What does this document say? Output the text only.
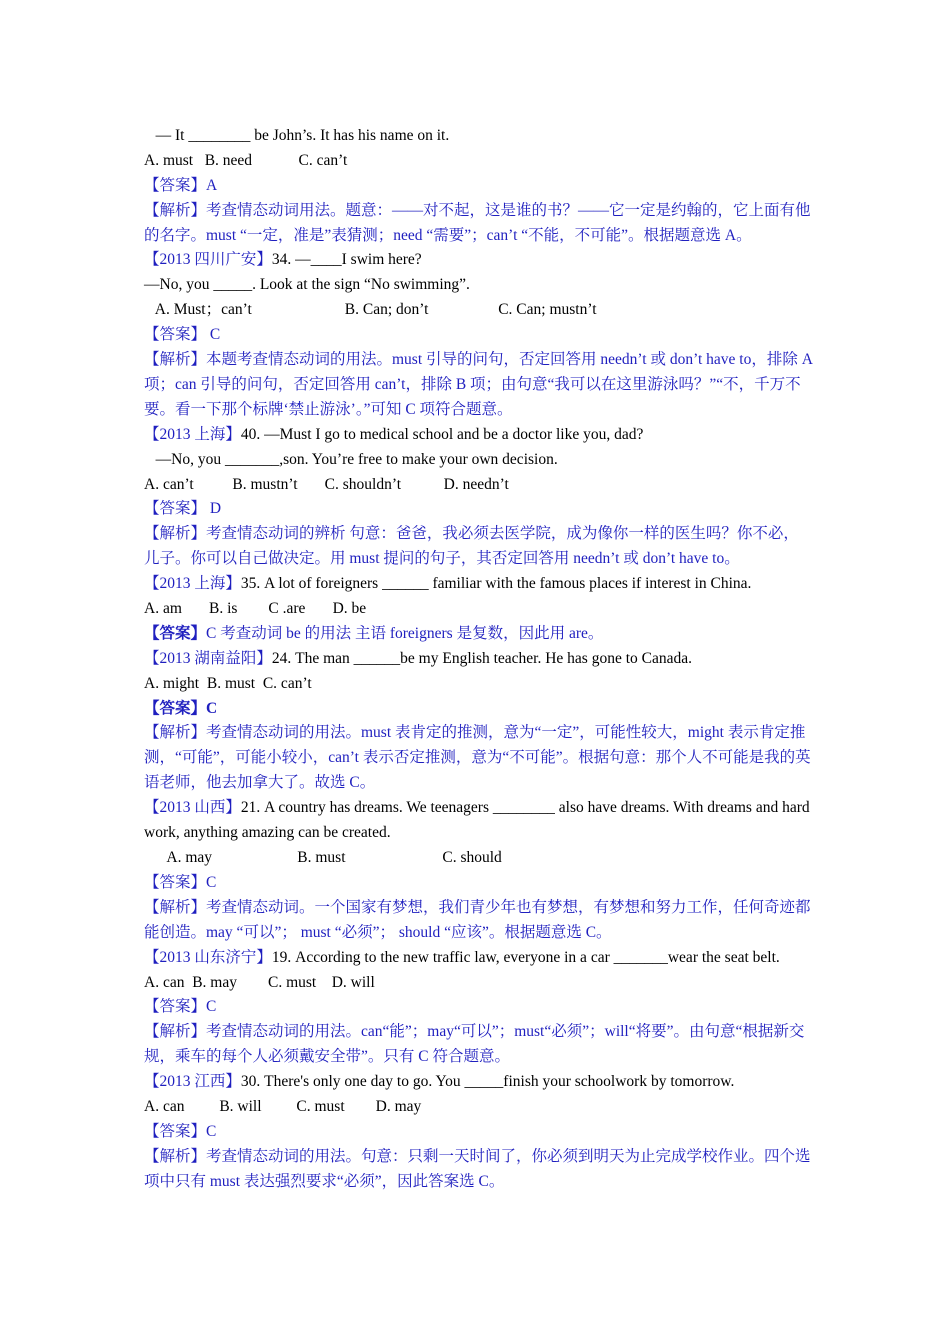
— It ________ be John’s. It has his name on it.
A. must   B. need            C. can’t
【答案】A
【解析】考查情态动词用法。题意：——对不起，这是谁的书？——它一定是约翰的，它上面有他的名字。must “一定，准是”表猜测；need “需要”；can’t “不能，不可能”。根据题意选 A。
【2013 四川广安】34. —____I swim here?
—No, you _____. Look at the sign “No swimming”.
A. Must；can’t                        B. Can; don’t                  C. Can; mustn’t
【答案】 C
【解析】本题考查情态动词的用法。must 引导的问句，否定回答用 needn’t 或 don’t have to，排除 A 项；can 引导的问句，否定回答用 can’t，排除 B 项；由句意“我可以在这里游泳吗？”“不，千万不要。看一下那个标牌‘禁止游泳’。”可知 C 项符合题意。
【2013 上海】40. —Must I go to medical school and be a doctor like you, dad?
—No, you _______,son. You’re free to make your own decision.
A. can’t          B. mustn’t       C. shouldn’t           D. needn’t
【答案】 D
【解析】考查情态动词的辨析 句意：爸爸，我必须去医学院，成为像你一样的医生吗？你不必，儿子。你可以自己做决定。用 must 提问的句子，其否定回答用 needn’t 或 don’t have to。
【2013 上海】35. A lot of foreigners ______ familiar with the famous places if interest in China.
A. am       B. is        C .are       D. be
【答案】C 考查动词 be 的用法 主语 foreigners 是复数，因此用 are。
【2013 湖南益阳】24. The man ______be my English teacher. He has gone to Canada.
A. might  B. must  C. can’t
【答案】C
【解析】考查情态动词的用法。must 表肯定的推测，意为“一定”，可能性较大，might 表示肯定推测，“可能”，可能小较小，can’t 表示否定推测，意为“不可能”。根据句意：那个人不可能是我的英语老师，他去加拿大了。故选 C。
【2013 山西】21. A country has dreams. We teenagers ________ also have dreams. With dreams and hard work, anything amazing can be created.
A. may                      B. must                         C. should
【答案】C
【解析】考查情态动词。一个国家有梦想，我们青少年也有梦想，有梦想和努力工作，任何奇迹都能创造。may “可以”； must “必须”； should “应该”。根据题意选 C。
【2013 山东济宁】19. According to the new traffic law, everyone in a car _______wear the seat belt.
A. can  B. may        C. must    D. will
【答案】C
【解析】考查情态动词的用法。can“能”；may“可以”；must“必须”；will“将要”。由句意“根据新交规，乘车的每个人必须戴安全带”。只有 C 符合题意。
【2013 江西】30. There's only one day to go. You _____finish your schoolwork by tomorrow.
A. can         B. will         C. must        D. may
【答案】C
【解析】考查情态动词的用法。句意：只剩一天时间了，你必须到明天为止完成学校作业。四个选项中只有 must 表达强烈要求“必须”，因此答案选 C。
